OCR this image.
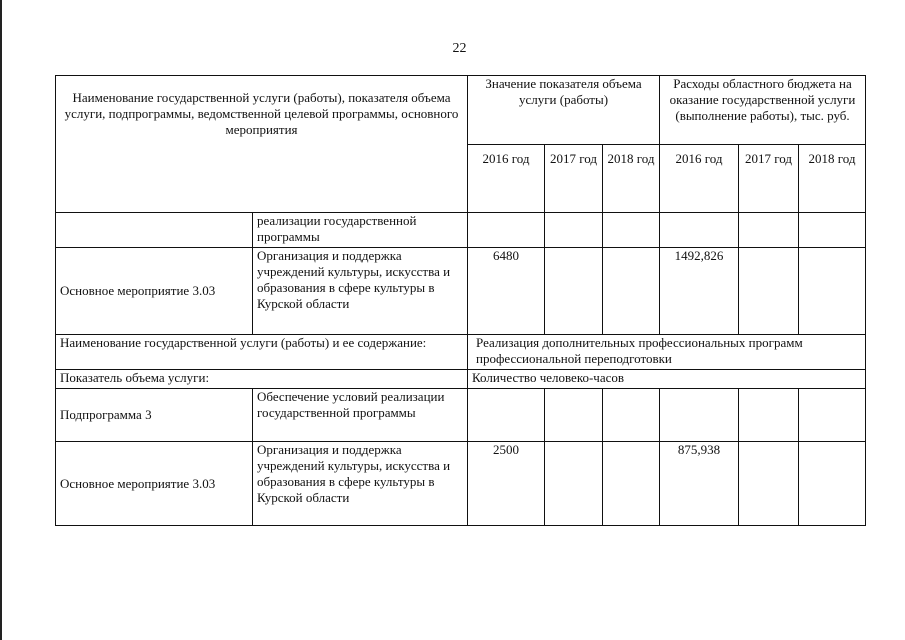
22
Наименование государственной услуги (работы), показателя объема услуги, подпрограммы, ведомственной целевой программы, основного мероприятия		Значение показателя объема услуги (работы)			Расходы областного бюджета на оказание государственной услуги (выполнение работы), тыс. руб.		
		2016 год	2017 год	2018 год	2016 год	2017 год	2018 год
	реализации государственной программы						
Основное мероприятие 3.03	Организация и поддержка учреждений культуры, искусства и образования в сфере культуры в Курской области	6480			1492,826		
Наименование государственной услуги (работы) и ее содержание:		Реализация дополнительных профессиональных программ профессиональной переподготовки					
Показатель объема услуги:		Количество человеко-часов					
Подпрограмма 3	Обеспечение условий реализации государственной программы						
Основное мероприятие 3.03	Организация и поддержка учреждений культуры, искусства и образования в сфере культуры в Курской области	2500			875,938		
